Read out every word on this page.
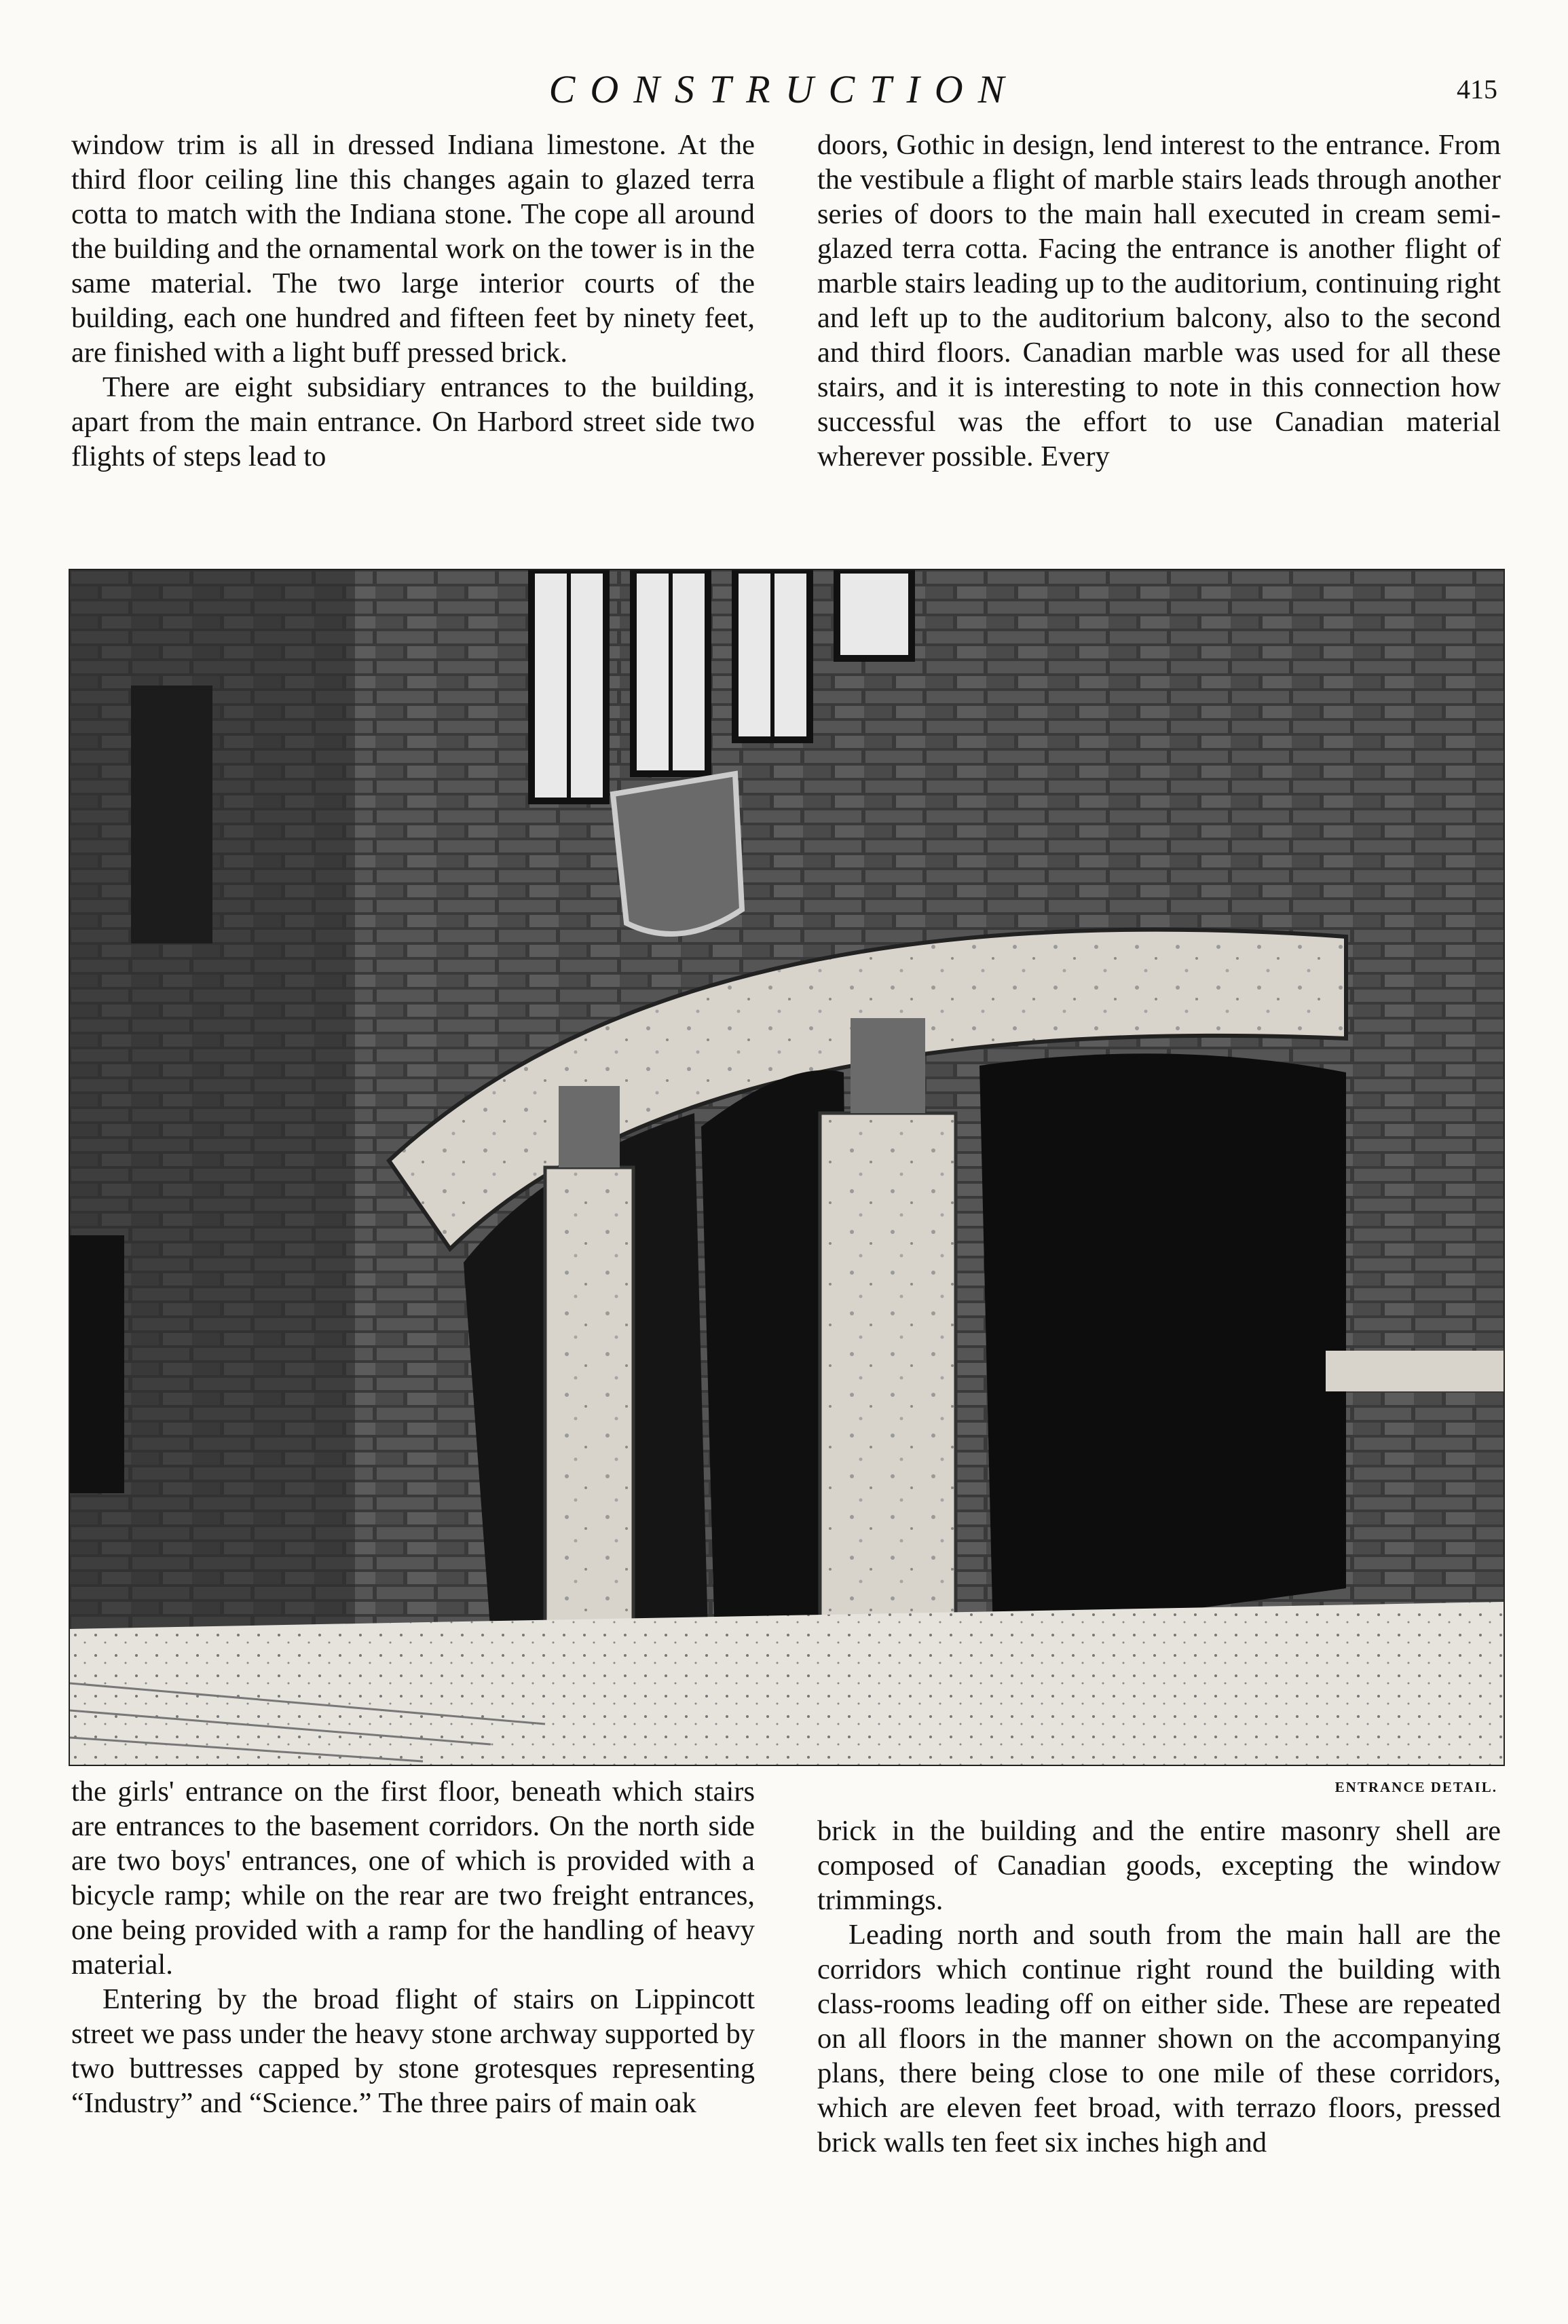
CONSTRUCTION	415

window trim is all in dressed Indiana limestone. At the third floor ceiling line this changes again to glazed terra cotta to match with the Indiana stone. The cope all around the building and the ornamental work on the tower is in the same material. The two large interior courts of the building, each one hundred and fifteen feet by ninety feet, are finished with a light buff pressed brick.

There are eight subsidiary entrances to the building, apart from the main entrance. On Harbord street side two flights of steps lead to

doors, Gothic in design, lend interest to the entrance. From the vestibule a flight of marble stairs leads through another series of doors to the main hall executed in cream semi-glazed terra cotta. Facing the entrance is another flight of marble stairs leading up to the auditorium, continuing right and left up to the auditorium balcony, also to the second and third floors. Canadian marble was used for all these stairs, and it is interesting to note in this connection how successful was the effort to use Canadian material wherever possible. Every

ENTRANCE DETAIL.

the girls' entrance on the first floor, beneath which stairs are entrances to the basement corridors. On the north side are two boys' entrances, one of which is provided with a bicycle ramp; while on the rear are two freight entrances, one being provided with a ramp for the handling of heavy material.

Entering by the broad flight of stairs on Lippincott street we pass under the heavy stone archway supported by two buttresses capped by stone grotesques representing “Industry” and “Science.” The three pairs of main oak

brick in the building and the entire masonry shell are composed of Canadian goods, excepting the window trimmings.

Leading north and south from the main hall are the corridors which continue right round the building with class-rooms leading off on either side. These are repeated on all floors in the manner shown on the accompanying plans, there being close to one mile of these corridors, which are eleven feet broad, with terrazo floors, pressed brick walls ten feet six inches high and
